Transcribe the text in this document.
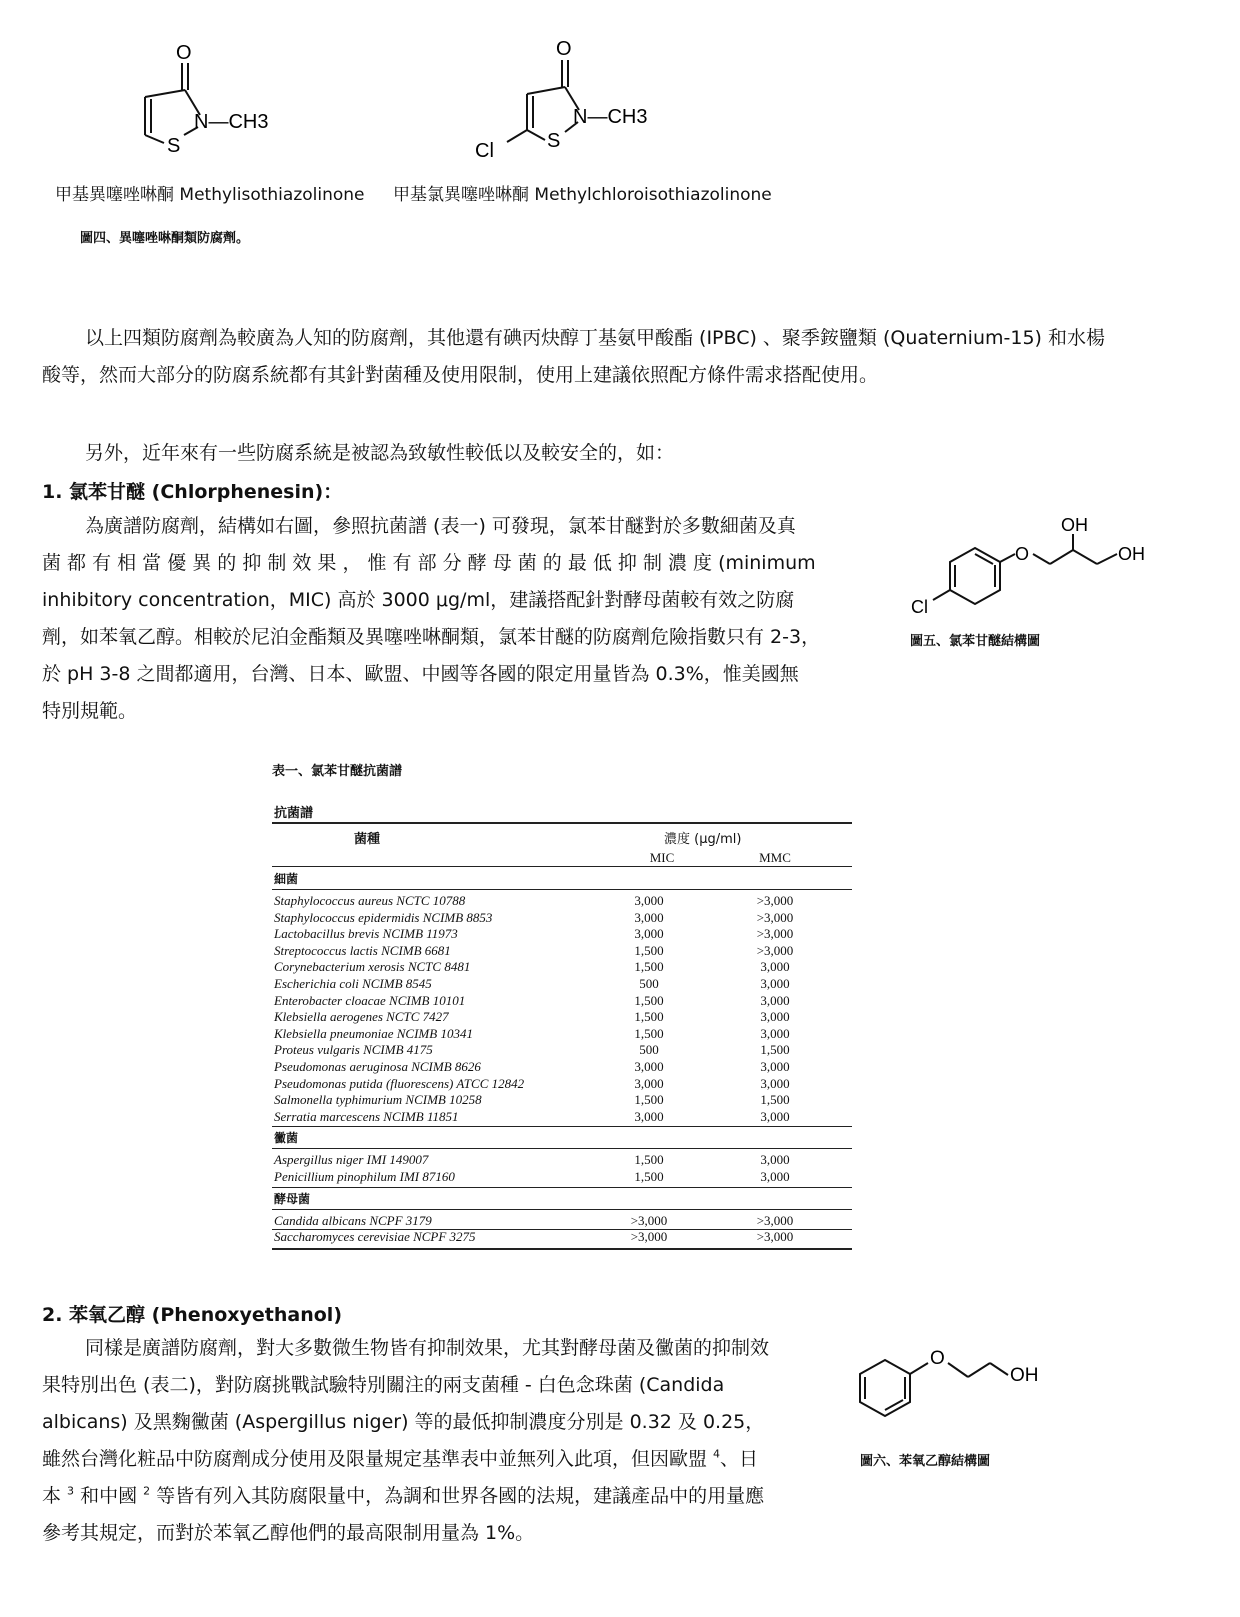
O
N—CH3
S
O
N—CH3
S
Cl
甲基異噻唑啉酮 Methylisothiazolinone 甲基氯異噻唑啉酮 Methylchloroisothiazolinone
圖四、異噻唑啉酮類防腐劑。
以上四類防腐劑為較廣為人知的防腐劑，其他還有碘丙炔醇丁基氨甲酸酯 (IPBC) 、聚季銨鹽類 (Quaternium-15) 和水楊
酸等，然而大部分的防腐系統都有其針對菌種及使用限制，使用上建議依照配方條件需求搭配使用。
另外，近年來有一些防腐系統是被認為致敏性較低以及較安全的，如：
1. 氯苯甘醚 (Chlorphenesin)：
為廣譜防腐劑，結構如右圖，參照抗菌譜 (表一) 可發現，氯苯甘醚對於多數細菌及真
菌 都 有 相 當 優 異 的 抑 制 效 果 ， 惟 有 部 分 酵 母 菌 的 最 低 抑 制 濃 度 (minimum
inhibitory concentration，MIC) 高於 3000 μg/ml，建議搭配針對酵母菌較有效之防腐
劑，如苯氧乙醇。相較於尼泊金酯類及異噻唑啉酮類，氯苯甘醚的防腐劑危險指數只有 2-3，
於 pH 3-8 之間都適用，台灣、日本、歐盟、中國等各國的限定用量皆為 0.3%，惟美國無
特別規範。
OH
OH
O
Cl
圖五、氯苯甘醚結構圖
表一、氯苯甘醚抗菌譜
抗菌譜
菌種	濃度 (μg/ml)
MIC	MMC
細菌
Staphylococcus aureus NCTC 10788	3,000	>3,000
Staphylococcus epidermidis NCIMB 8853	3,000	>3,000
Lactobacillus brevis NCIMB 11973	3,000	>3,000
Streptococcus lactis NCIMB 6681	1,500	>3,000
Corynebacterium xerosis NCTC 8481	1,500	3,000
Escherichia coli NCIMB 8545	500	3,000
Enterobacter cloacae NCIMB 10101	1,500	3,000
Klebsiella aerogenes NCTC 7427	1,500	3,000
Klebsiella pneumoniae NCIMB 10341	1,500	3,000
Proteus vulgaris NCIMB 4175	500	1,500
Pseudomonas aeruginosa NCIMB 8626	3,000	3,000
Pseudomonas putida (fluorescens) ATCC 12842	3,000	3,000
Salmonella typhimurium NCIMB 10258	1,500	1,500
Serratia marcescens NCIMB 11851	3,000	3,000
黴菌
Aspergillus niger IMI 149007	1,500	3,000
Penicillium pinophilum IMI 87160	1,500	3,000
酵母菌
Candida albicans NCPF 3179	>3,000	>3,000
Saccharomyces cerevisiae NCPF 3275	>3,000	>3,000
2. 苯氧乙醇 (Phenoxyethanol)
同樣是廣譜防腐劑，對大多數微生物皆有抑制效果，尤其對酵母菌及黴菌的抑制效
果特別出色 (表二)，對防腐挑戰試驗特別關注的兩支菌種 - 白色念珠菌 (Candida
albicans) 及黑麴黴菌 (Aspergillus niger) 等的最低抑制濃度分別是 0.32 及 0.25，
雖然台灣化粧品中防腐劑成分使用及限量規定基準表中並無列入此項，但因歐盟 $^4$、日
本 $^3$ 和中國 $^2$ 等皆有列入其防腐限量中，為調和世界各國的法規，建議產品中的用量應
參考其規定，而對於苯氧乙醇他們的最高限制用量為 1%。
O
OH
圖六、苯氧乙醇結構圖
